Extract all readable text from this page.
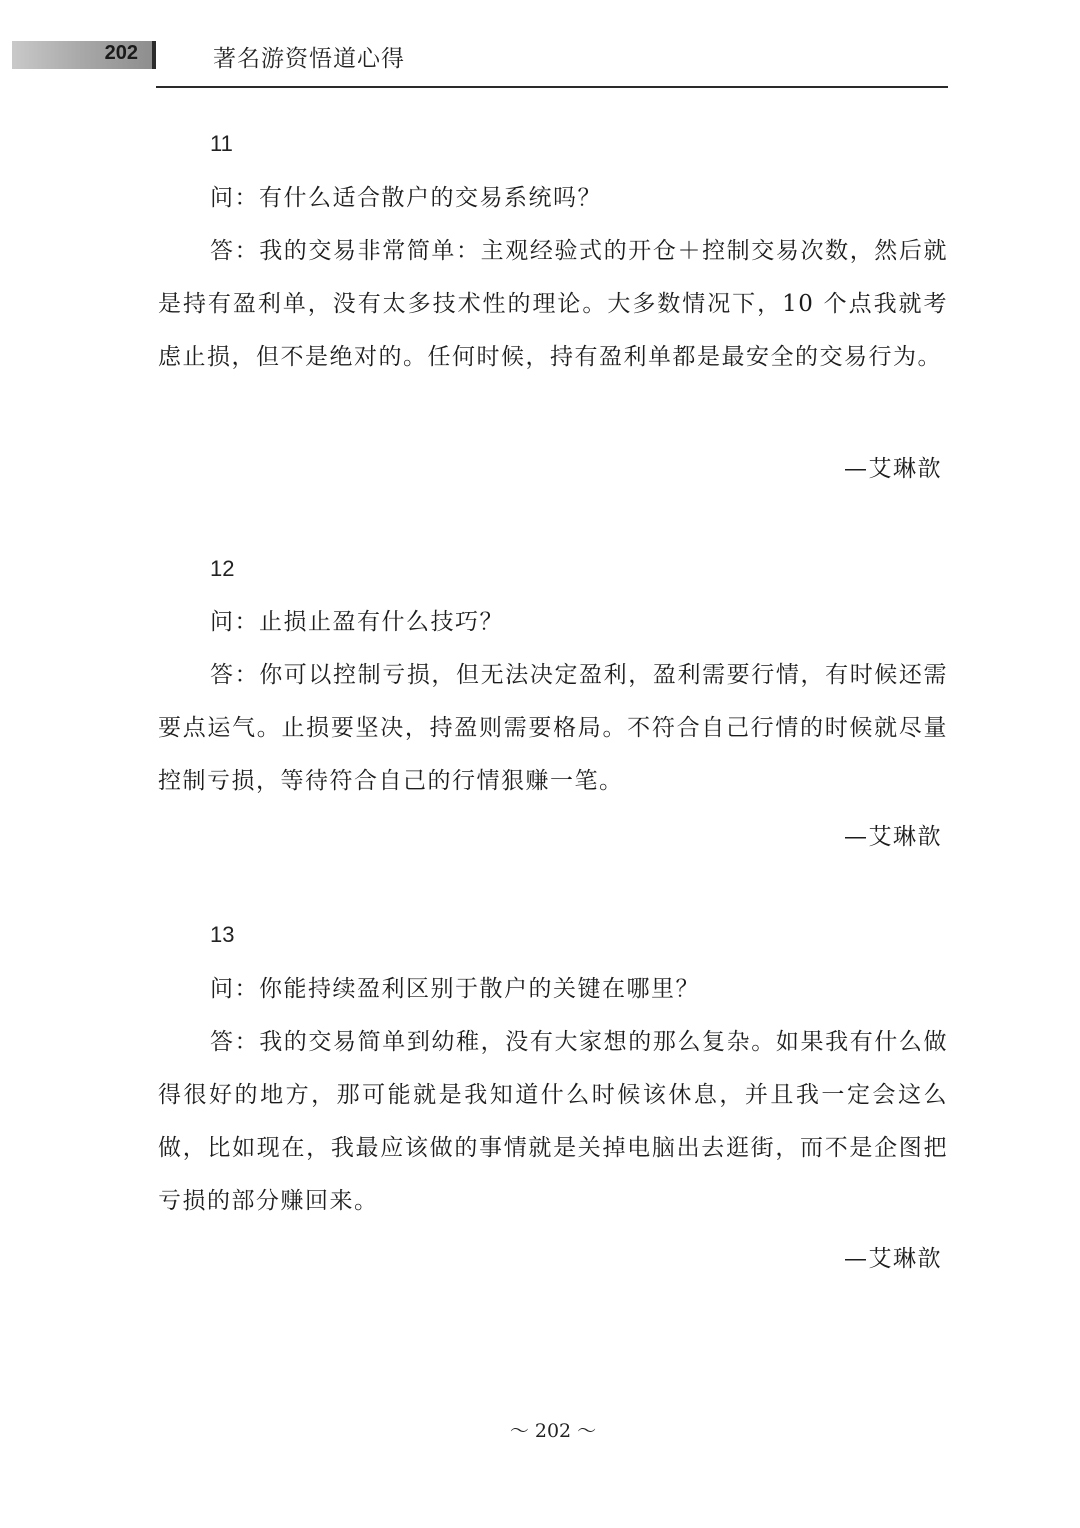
202	著名游资悟道心得
11
问：有什么适合散户的交易系统吗？
答：我的交易非常简单：主观经验式的开仓＋控制交易次数，然后就是持有盈利单，没有太多技术性的理论。大多数情况下，10 个点我就考虑止损，但不是绝对的。任何时候，持有盈利单都是最安全的交易行为。
—艾琳歆
12
问：止损止盈有什么技巧？
答：你可以控制亏损，但无法决定盈利，盈利需要行情，有时候还需要点运气。止损要坚决，持盈则需要格局。不符合自己行情的时候就尽量控制亏损，等待符合自己的行情狠赚一笔。
—艾琳歆
13
问：你能持续盈利区别于散户的关键在哪里？
答：我的交易简单到幼稚，没有大家想的那么复杂。如果我有什么做得很好的地方，那可能就是我知道什么时候该休息，并且我一定会这么做，比如现在，我最应该做的事情就是关掉电脑出去逛街，而不是企图把亏损的部分赚回来。
—艾琳歆
～ 202 ～
